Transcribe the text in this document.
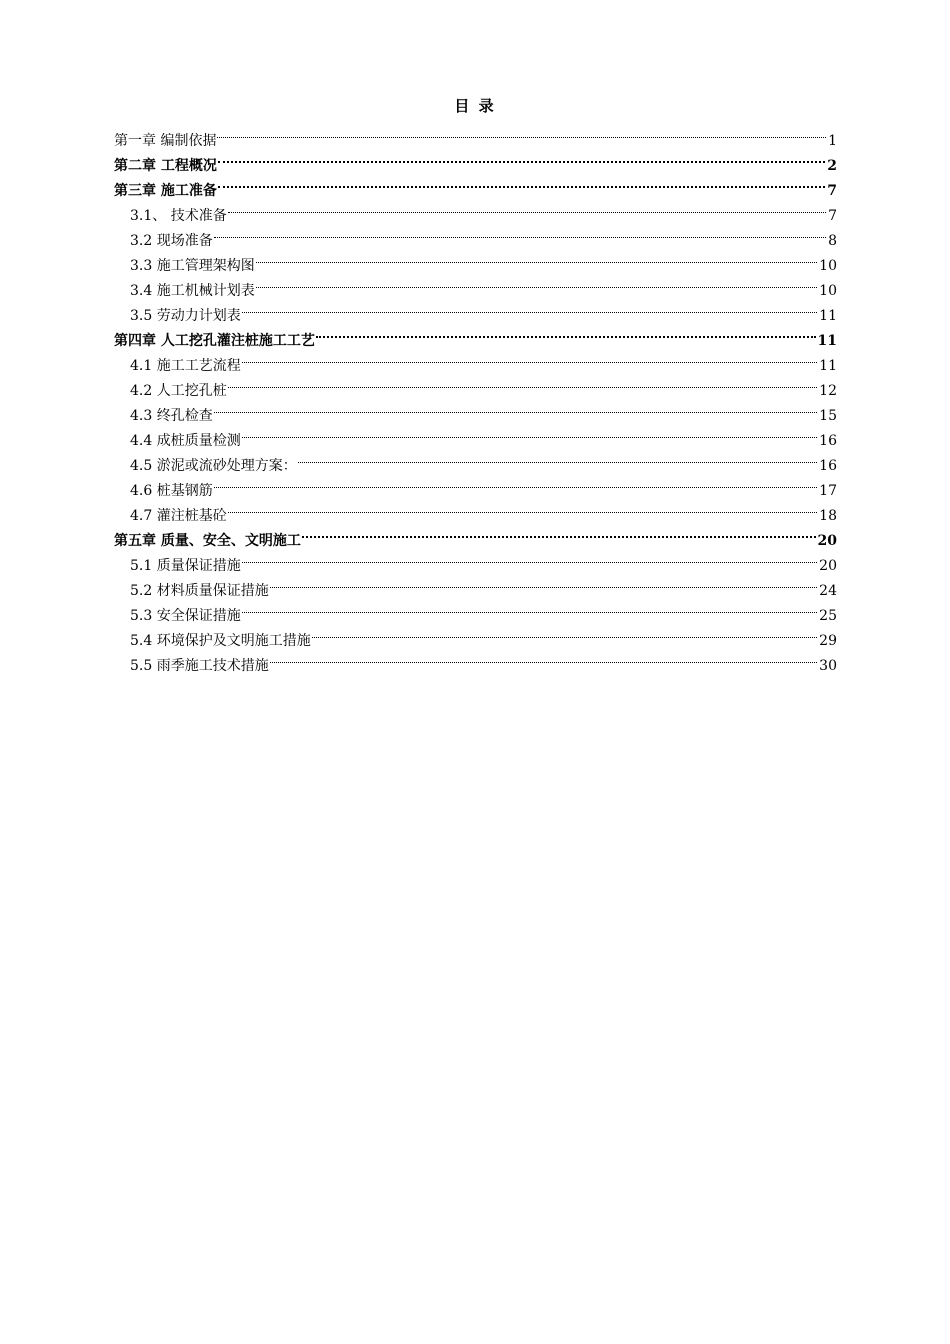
目 录
第一章 编制依据	1
第二章 工程概况	2
第三章 施工准备	7
3.1、 技术准备	7
3.2 现场准备	8
3.3 施工管理架构图	10
3.4 施工机械计划表	10
3.5 劳动力计划表	11
第四章 人工挖孔灌注桩施工工艺	11
4.1 施工工艺流程	11
4.2 人工挖孔桩	12
4.3 终孔检查	15
4.4 成桩质量检测	16
4.5 淤泥或流砂处理方案：	16
4.6 桩基钢筋	17
4.7 灌注桩基砼	18
第五章 质量、安全、文明施工	20
5.1 质量保证措施	20
5.2 材料质量保证措施	24
5.3 安全保证措施	25
5.4 环境保护及文明施工措施	29
5.5 雨季施工技术措施	30
